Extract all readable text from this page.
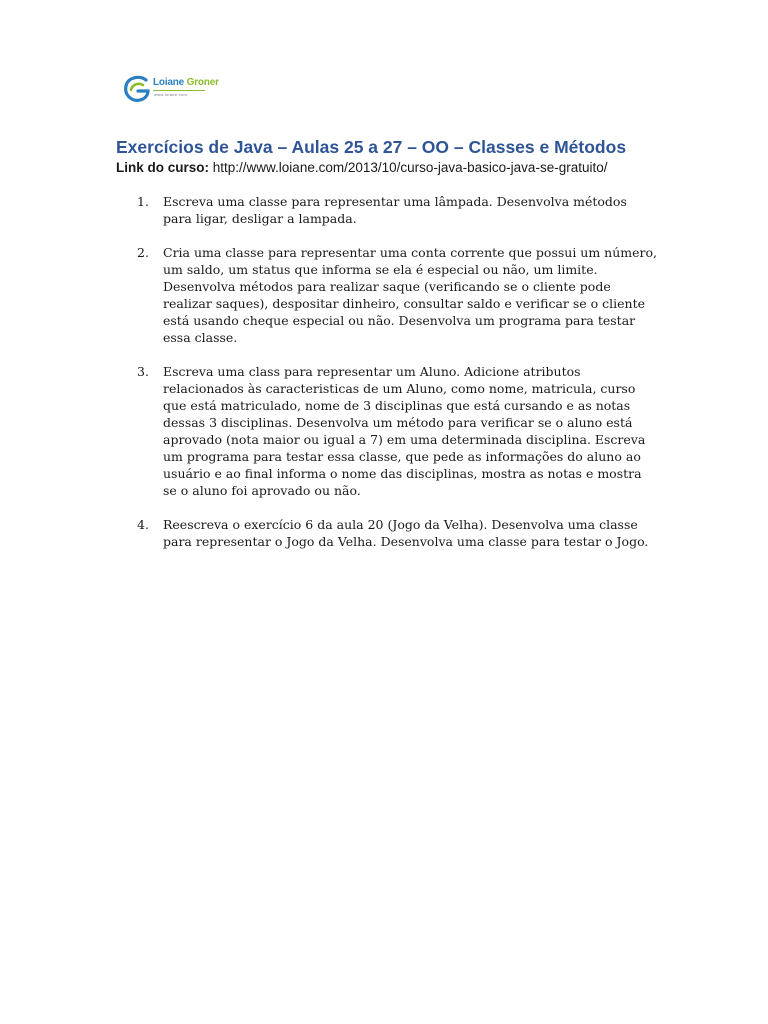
Loiane Groner
www.loiane.com
Exercícios de Java – Aulas 25 a 27 – OO – Classes e Métodos
Link do curso: http://www.loiane.com/2013/10/curso-java-basico-java-se-gratuito/
1. Escreva uma classe para representar uma lâmpada. Desenvolva métodos para ligar, desligar a lampada.
2. Cria uma classe para representar uma conta corrente que possui um número, um saldo, um status que informa se ela é especial ou não, um limite. Desenvolva métodos para realizar saque (verificando se o cliente pode realizar saques), despositar dinheiro, consultar saldo e verificar se o cliente está usando cheque especial ou não. Desenvolva um programa para testar essa classe.
3. Escreva uma class para representar um Aluno. Adicione atributos relacionados às caracteristicas de um Aluno, como nome, matricula, curso que está matriculado, nome de 3 disciplinas que está cursando e as notas dessas 3 disciplinas. Desenvolva um método para verificar se o aluno está aprovado (nota maior ou igual a 7) em uma determinada disciplina. Escreva um programa para testar essa classe, que pede as informações do aluno ao usuário e ao final informa o nome das disciplinas, mostra as notas e mostra se o aluno foi aprovado ou não.
4. Reescreva o exercício 6 da aula 20 (Jogo da Velha). Desenvolva uma classe para representar o Jogo da Velha. Desenvolva uma classe para testar o Jogo.
